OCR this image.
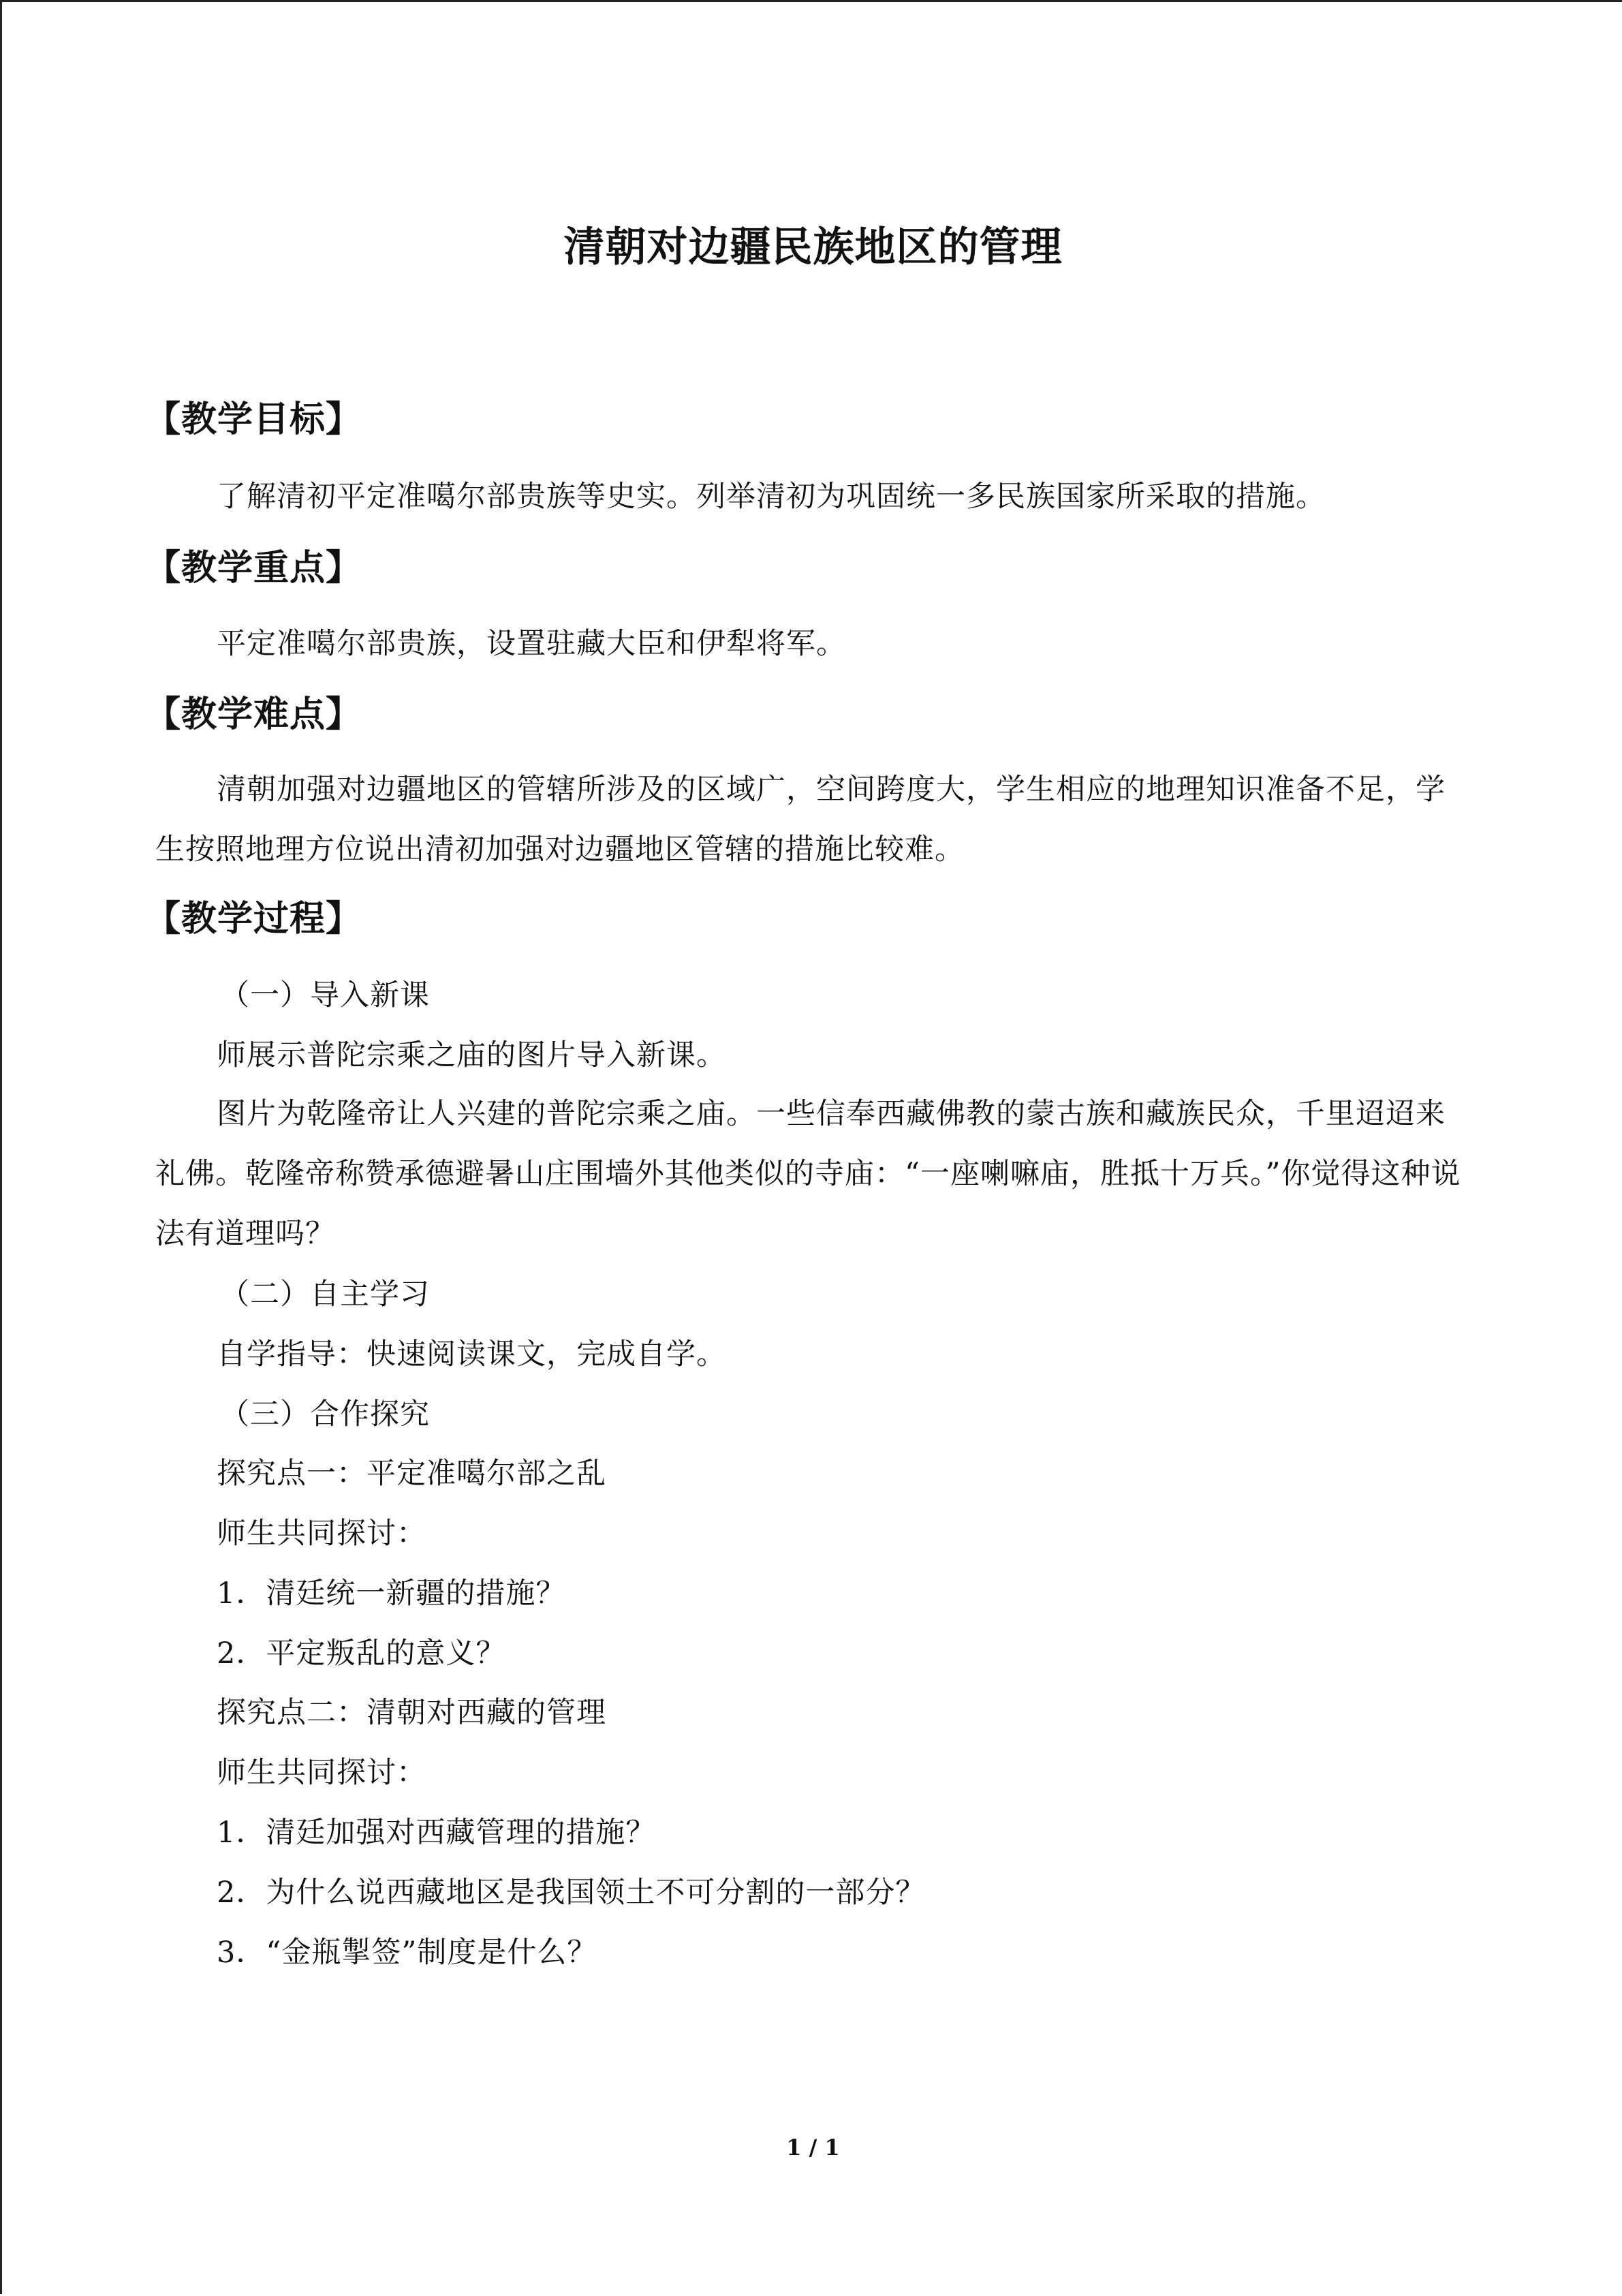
清朝对边疆民族地区的管理
【教学目标】
了解清初平定准噶尔部贵族等史实。列举清初为巩固统一多民族国家所采取的措施。
【教学重点】
平定准噶尔部贵族，设置驻藏大臣和伊犁将军。
【教学难点】
清朝加强对边疆地区的管辖所涉及的区域广，空间跨度大，学生相应的地理知识准备不足，学生按照地理方位说出清初加强对边疆地区管辖的措施比较难。
【教学过程】
（一）导入新课
师展示普陀宗乘之庙的图片导入新课。
图片为乾隆帝让人兴建的普陀宗乘之庙。一些信奉西藏佛教的蒙古族和藏族民众，千里迢迢来礼佛。乾隆帝称赞承德避暑山庄围墙外其他类似的寺庙：“一座喇嘛庙，胜抵十万兵。”你觉得这种说法有道理吗？
（二）自主学习
自学指导：快速阅读课文，完成自学。
（三）合作探究
探究点一：平定准噶尔部之乱
师生共同探讨：
1．清廷统一新疆的措施？
2．平定叛乱的意义？
探究点二：清朝对西藏的管理
师生共同探讨：
1．清廷加强对西藏管理的措施？
2．为什么说西藏地区是我国领土不可分割的一部分？
3．“金瓶掣签”制度是什么？
1 / 1
